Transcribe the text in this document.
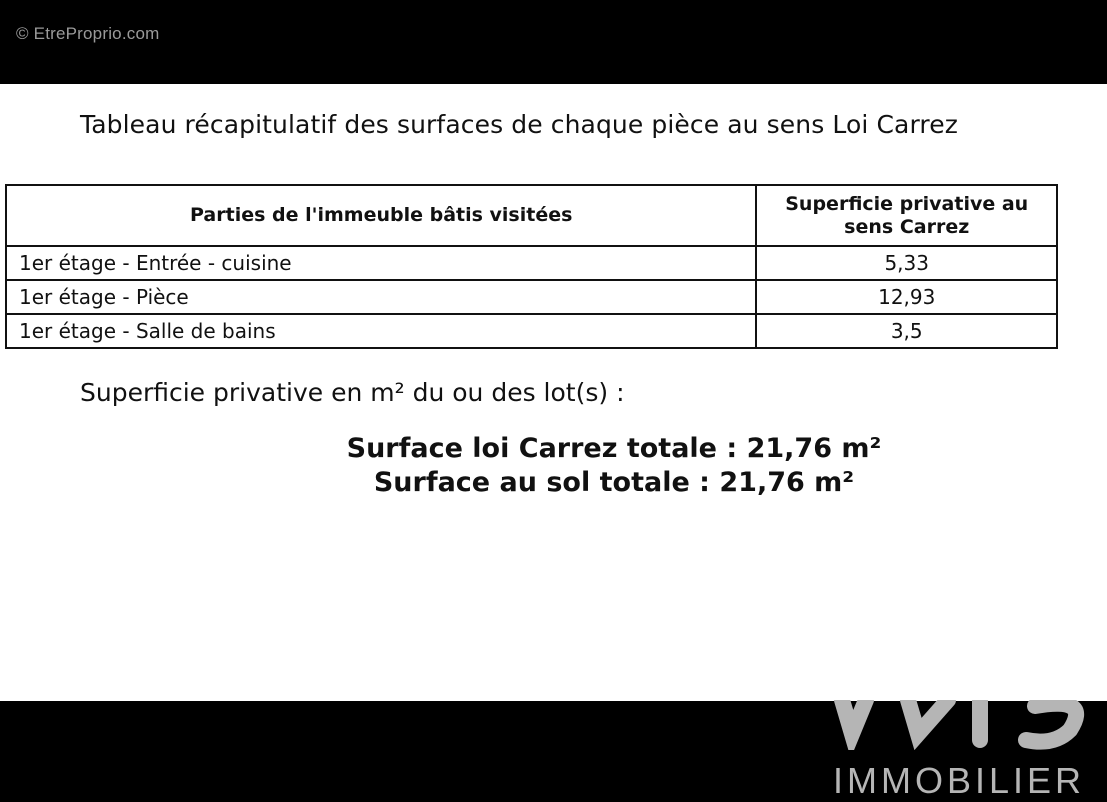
© EtreProprio.com
Tableau récapitulatif des surfaces de chaque pièce au sens Loi Carrez
Parties de l'immeuble bâtis visitées	Superficie privative au sens Carrez
1er étage - Entrée - cuisine	5,33
1er étage - Pièce	12,93
1er étage - Salle de bains	3,5
Superficie privative en m² du ou des lot(s) :
Surface loi Carrez totale : 21,76 m²
Surface au sol totale : 21,76 m²
IMMOBILIER
